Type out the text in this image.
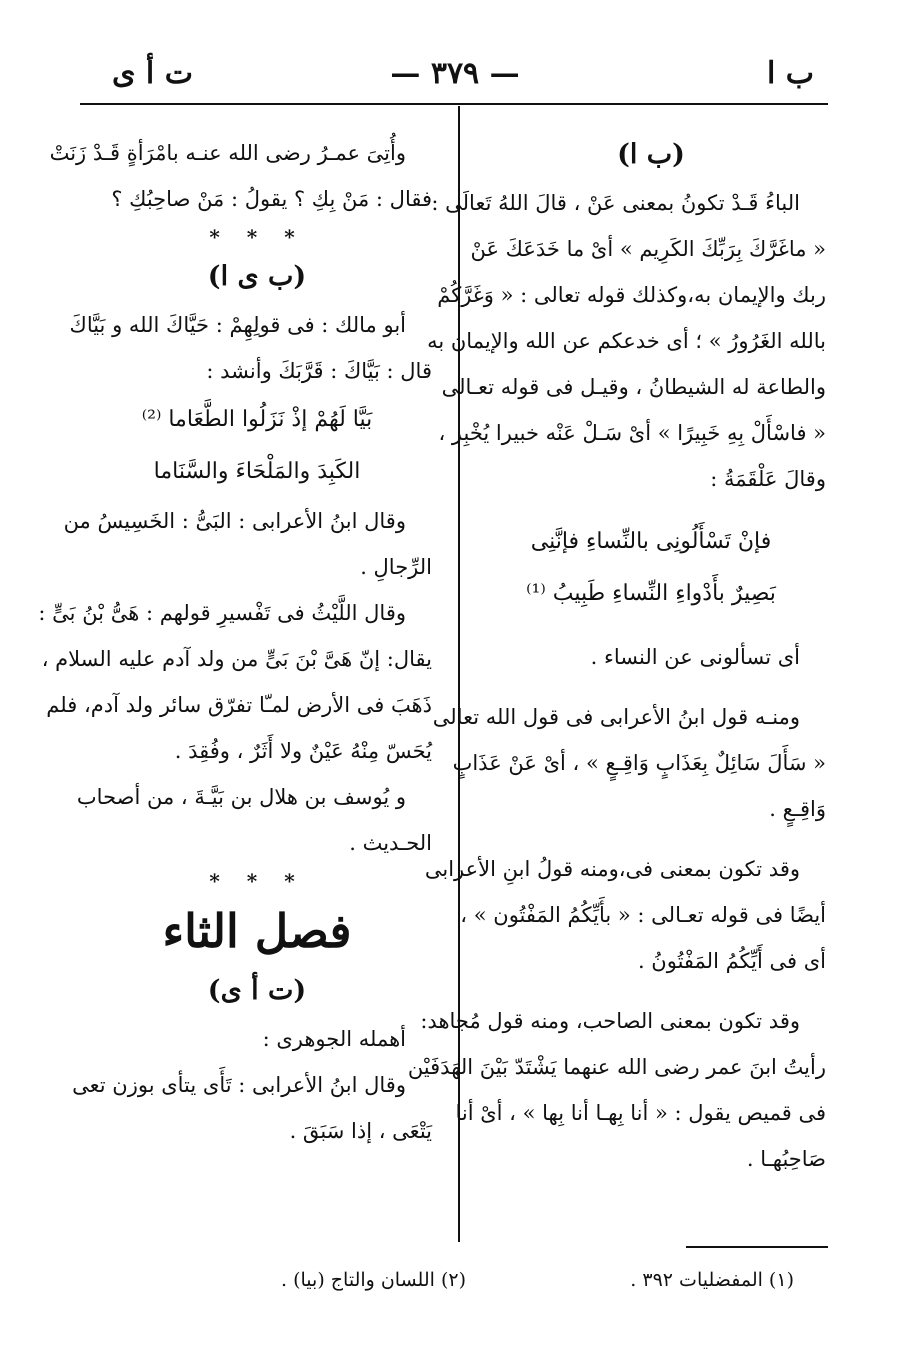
ب ا
— ٣٧٩ —
ت أ ى
(ب ا)
الباءُ قَـدْ تكونُ بمعنى عَنْ ، قالَ اللهُ تَعالَى :
« ماغَرَّكَ بِرَبِّكَ الكَرِيم » أىْ ما خَدَعَكَ عَنْ
ربك والإيمان به،وكذلك قوله تعالى : « وَغَرَّكُمْ
بالله الغَرُورُ » ؛ أى خدعكم عن الله والإيمان به
والطاعة له الشيطانُ ، وقيـل فى قوله تعـالى
« فاسْأَلْ بِهِ خَبِيرًا » أىْ سَـلْ عَنْه خبيرا يُخْبِر ،
وقالَ عَلْقَمَةُ :
فإنْ تَسْأَلُونِى بالنِّساءِ فإنَّنِى
بَصِيرٌ بأَدْواءِ النِّساءِ طَبِيبُ ⁽¹⁾
أى تسألونى عن النساء .
ومنـه قول ابنُ الأعرابى فى قول الله تعالى
« سَأَلَ سَائِلٌ بِعَذَابٍ وَاقِـعٍ » ، أىْ عَنْ عَذَابٍ
وَاقِـعٍ .
وقد تكون بمعنى فى،ومنه قولُ ابنِ الأعرابى
أيضًا فى قوله تعـالى : « بأَيِّكُمُ المَفْتُون » ،
أى فى أَيِّكُمُ المَفْتُونُ .
وقد تكون بمعنى الصاحب، ومنه قول مُجاهد:
رأيتُ ابنَ عمر رضى الله عنهما يَشْتَدّ بَيْنَ الهَدَفَيْن
فى قميص يقول : « أنا بِهـا أنا بِها » ، أىْ أنا
صَاحِبُهـا .
وأُتِىَ عمـرُ رضى الله عنـه بامْرَأةٍ قَـدْ زَنَتْ
فقال : مَنْ بِكِ ؟ يقولُ : مَنْ صاحِبُكِ ؟
* * *
(ب ى ا)
أبو مالك : فى قولِهِمْ : حَيَّاكَ الله و بَيَّاكَ
قال : بَيَّاكَ : قَرَّبَكَ وأنشد :
بَيَّا لَهُمْ إذْ نَزَلُوا الطَّعَاما ⁽²⁾
الكَبِدَ والمَلْحَاءَ والسَّنَاما
وقال ابنُ الأعرابى : البَىُّ : الخَسِيسُ من
الرِّجالِ .
وقال اللَّيْثُ فى تَفْسيرِ قولهم : هَىُّ بْنُ بَىٍّ :
يقال: إنّ هَىَّ بْنَ بَىٍّ من ولد آدم عليه السلام ،
ذَهَبَ فى الأرض لمـّا تفرّق سائر ولد آدم، فلم
يُحَسّ مِنْهُ عَيْنٌ ولا أَثَرٌ ، وفُقِدَ .
و يُوسف بن هلال بن بَيَّـةَ ، من أصحاب
الحـديث .
* * *
فصل الثاء
(ت أ ى)
أهمله الجوهرى :
وقال ابنُ الأعرابى : تَأَى يتأى بوزن تعى
يَتْعَى ، إذا سَبَقَ .
(١) المفضليات ٣٩٢ .
(٢) اللسان والتاج (بيا) .
